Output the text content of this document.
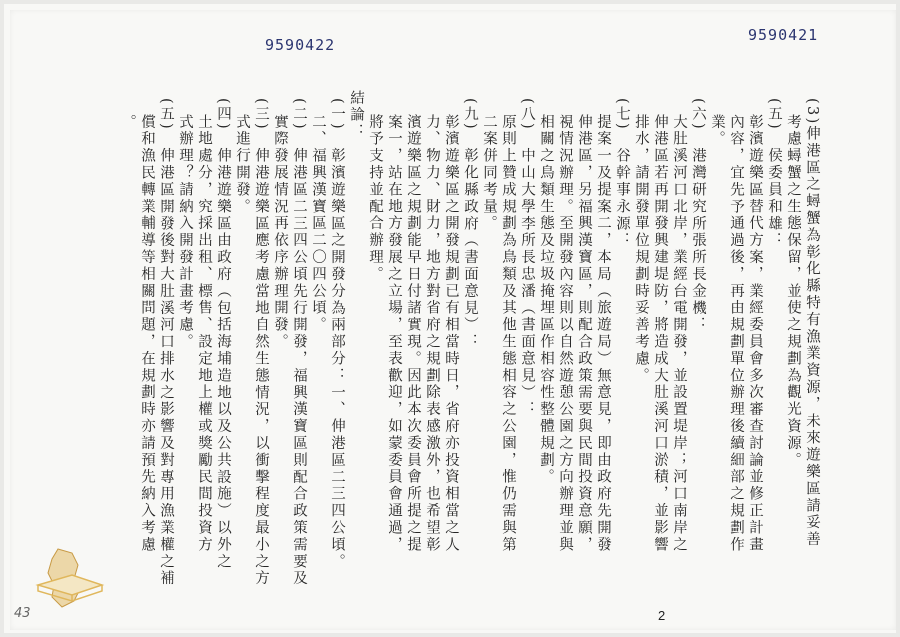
9590422
9590421
(3)伸港區之蟳蟹為彰化縣特有漁業資源，未來遊樂區請妥善
考慮蟳蟹之生態保留，並使之規劃為觀光資源。
(五)　侯委員和雄：
彰濱遊樂區替代方案，業經委員會多次審查討論並修正計畫
內容，宜先予通過後，再由規劃單位辦理後續細部之規劃作
業。
(六)　港灣研究所張所長金機：
大肚溪河口北岸，業經台電開發，並設置堤岸；河口南岸之
伸港區若再開發興建堤防，將造成大肚溪河口淤積，並影響
排水，請開發單位規劃時妥善考慮。
(七)　谷幹事永源：
提案一及提案二，本局（旅遊局）無意見，即由政府先開發
伸港區，另福興漢寶區，則配合政策需要與民間投資意願，
視情況辦理。至開發內容則以自然遊憩公園之方向辦理並與
相關之鳥類生態及垃圾掩埋區作相容性整體規劃。
(八)　中山大學李所長忠潘（書面意見）：
原則上贊成規劃為鳥類及其他生態相容之公園，惟仍需與第
二案併同考量。
(九)　彰化縣政府（書面意見）：
彰濱遊樂區之開發規劃已有相當時日，省府亦投資相當之人
力、物力、財力，地方對省府之規劃除表感激外，也希望彰
濱遊樂區之規劃能早日付諸實現。因此本次委員會所提之提
案一，站在地方發展之立場，至表歡迎，如蒙委員會通過，
將予支持並配合辦理。
結論：
(一)　彰濱遊樂區之開發分為兩部分：一、伸港區二三四公頃。
二、福興漢寶區二〇四公頃。
(二)　伸港區二三四公頃先行開發，福興漢寶區則配合政策需要及
實際發展情況再依序辦理開發。
(三)　伸港遊樂區應考慮當地自然生態情況，以衝擊程度最小之方
式進行開發。
(四)　伸港遊樂區由政府（包括海埔造地以及公共設施）以外之
土地處分，究採出租、標售、設定地上權或獎勵民間投資方
式辦理？請納入開發計畫考慮。
(五)　伸港區開發後對大肚溪河口排水之影響及對專用漁業權之補
償和漁民轉業輔導等相關問題，在規劃時亦請預先納入考慮
。
43	2
